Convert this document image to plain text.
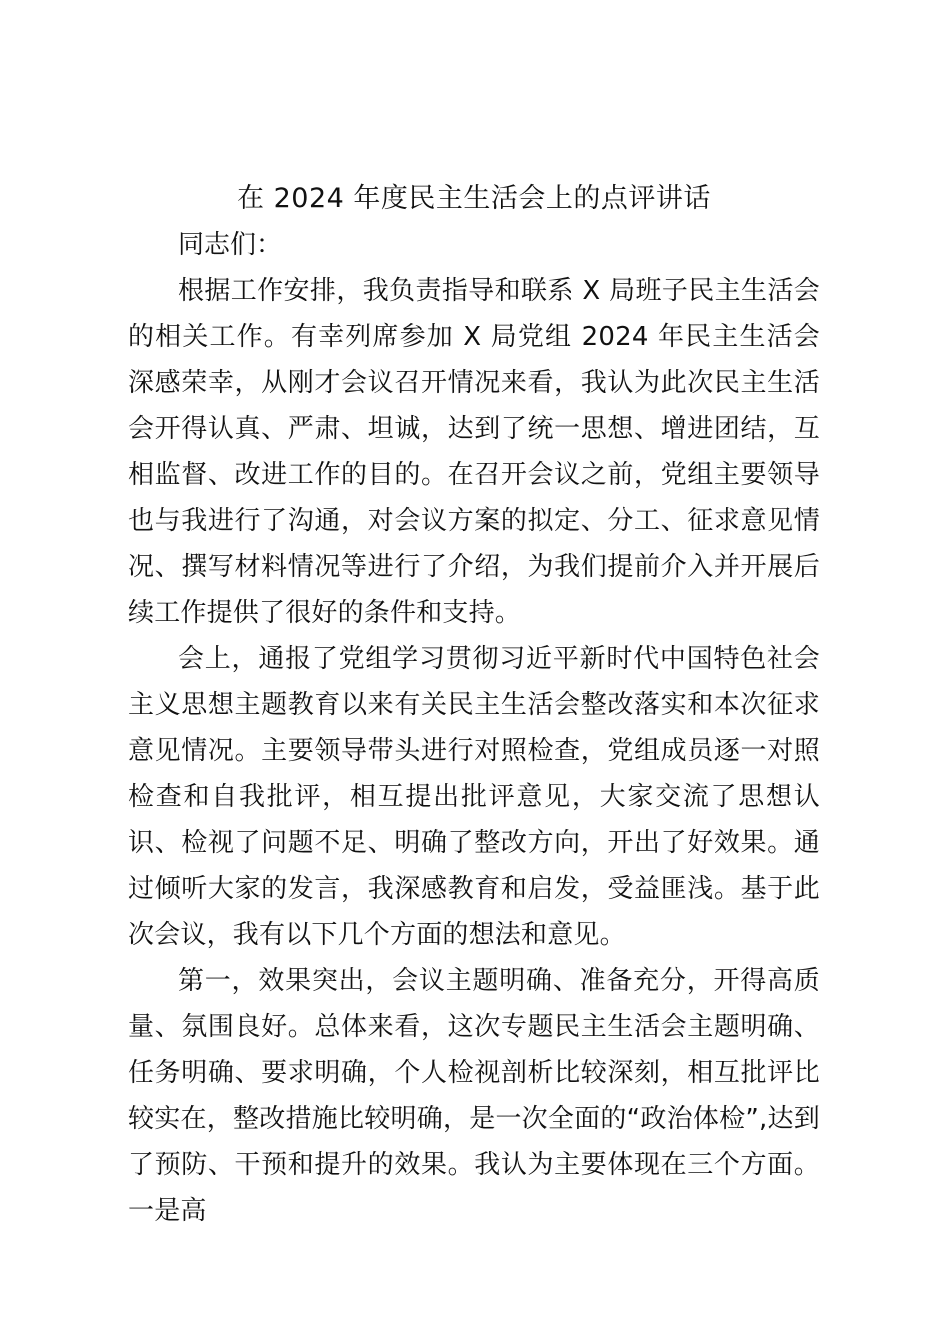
在 2024 年度民主生活会上的点评讲话

同志们：

根据工作安排，我负责指导和联系 X 局班子民主生活会的相关工作。有幸列席参加 X 局党组 2024 年民主生活会深感荣幸，从刚才会议召开情况来看，我认为此次民主生活会开得认真、严肃、坦诚，达到了统一思想、增进团结，互相监督、改进工作的目的。在召开会议之前，党组主要领导也与我进行了沟通，对会议方案的拟定、分工、征求意见情况、撰写材料情况等进行了介绍，为我们提前介入并开展后续工作提供了很好的条件和支持。

会上，通报了党组学习贯彻习近平新时代中国特色社会主义思想主题教育以来有关民主生活会整改落实和本次征求意见情况。主要领导带头进行对照检查，党组成员逐一对照检查和自我批评，相互提出批评意见，大家交流了思想认识、检视了问题不足、明确了整改方向，开出了好效果。通过倾听大家的发言，我深感教育和启发，受益匪浅。基于此次会议，我有以下几个方面的想法和意见。

第一，效果突出，会议主题明确、准备充分，开得高质量、氛围良好。总体来看，这次专题民主生活会主题明确、任务明确、要求明确，个人检视剖析比较深刻，相互批评比较实在，整改措施比较明确，是一次全面的“政治体检”,达到了预防、干预和提升的效果。我认为主要体现在三个方面。一是高
